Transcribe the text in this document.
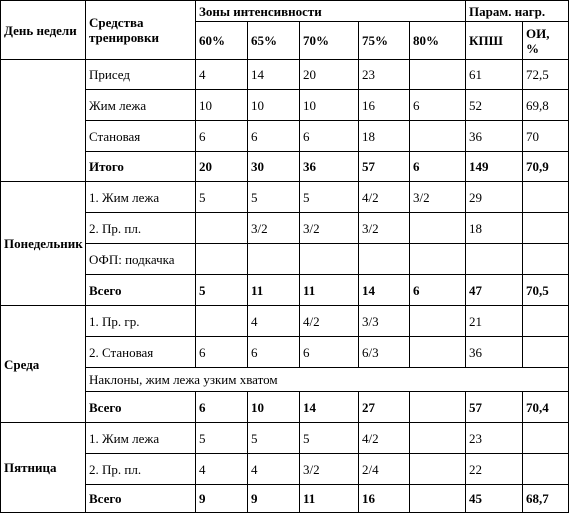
День недели	Средства тренировки	Зоны интенсивности					Парам. нагр.	
		60%	65%	70%	75%	80%	КПШ	ОИ, %
	Присед	4	14	20	23		61	72,5
	Жим лежа	10	10	10	16	6	52	69,8
	Становая	6	6	6	18		36	70
	Итого	20	30	36	57	6	149	70,9
Понедельник	1. Жим лежа	5	5	5	4/2	3/2	29	
	2. Пр. пл.		3/2	3/2	3/2		18	
	ОФП: подкачка							
	Всего	5	11	11	14	6	47	70,5
Среда	1. Пр. гр.		4	4/2	3/3		21	
	2. Становая	6	6	6	6/3		36	
	Наклоны, жим лежа узким хватом							
	Всего	6	10	14	27		57	70,4
Пятница	1. Жим лежа	5	5	5	4/2		23	
	2. Пр. пл.	4	4	3/2	2/4		22	
	Всего	9	9	11	16		45	68,7
